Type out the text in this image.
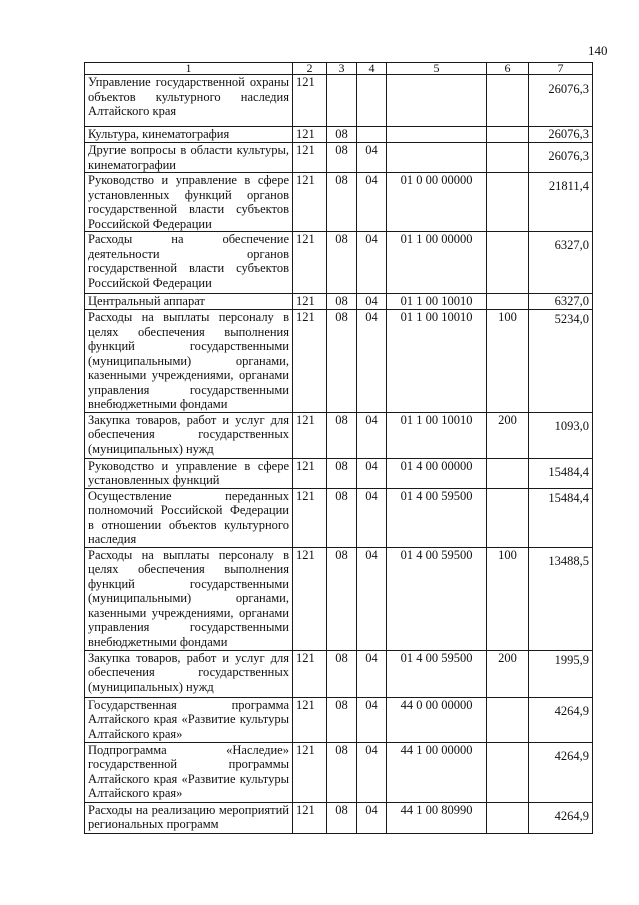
140
1	2	3	4	5	6	7
Управление государственной охраны объектов культурного наследия Алтайского края	121					26076,3
Культура, кинематография	121	08				26076,3
Другие вопросы в области культуры, кинематографии	121	08	04			26076,3
Руководство и управление в сфере установленных функций органов государственной власти субъектов Российской Федерации	121	08	04	01 0 00 00000		21811,4
Расходы на обеспечение деятельности органов государственной власти субъектов Российской Федерации	121	08	04	01 1 00 00000		6327,0
Центральный аппарат	121	08	04	01 1 00 10010		6327,0
Расходы на выплаты персоналу в целях обеспечения выполнения функций государственными (муниципальными) органами, казенными учреждениями, органами управления государственными внебюджетными фондами	121	08	04	01 1 00 10010	100	5234,0
Закупка товаров, работ и услуг для обеспечения государственных (муниципальных) нужд	121	08	04	01 1 00 10010	200	1093,0
Руководство и управление в сфере установленных функций	121	08	04	01 4 00 00000		15484,4
Осуществление переданных полномочий Российской Федерации в отношении объектов культурного наследия	121	08	04	01 4 00 59500		15484,4
Расходы на выплаты персоналу в целях обеспечения выполнения функций государственными (муниципальными) органами, казенными учреждениями, органами управления государственными внебюджетными фондами	121	08	04	01 4 00 59500	100	13488,5
Закупка товаров, работ и услуг для обеспечения государственных (муниципальных) нужд	121	08	04	01 4 00 59500	200	1995,9
Государственная программа Алтайского края «Развитие культуры Алтайского края»	121	08	04	44 0 00 00000		4264,9
Подпрограмма «Наследие» государственной программы Алтайского края «Развитие культуры Алтайского края»	121	08	04	44 1 00 00000		4264,9
Расходы на реализацию мероприятий региональных программ	121	08	04	44 1 00 80990		4264,9
